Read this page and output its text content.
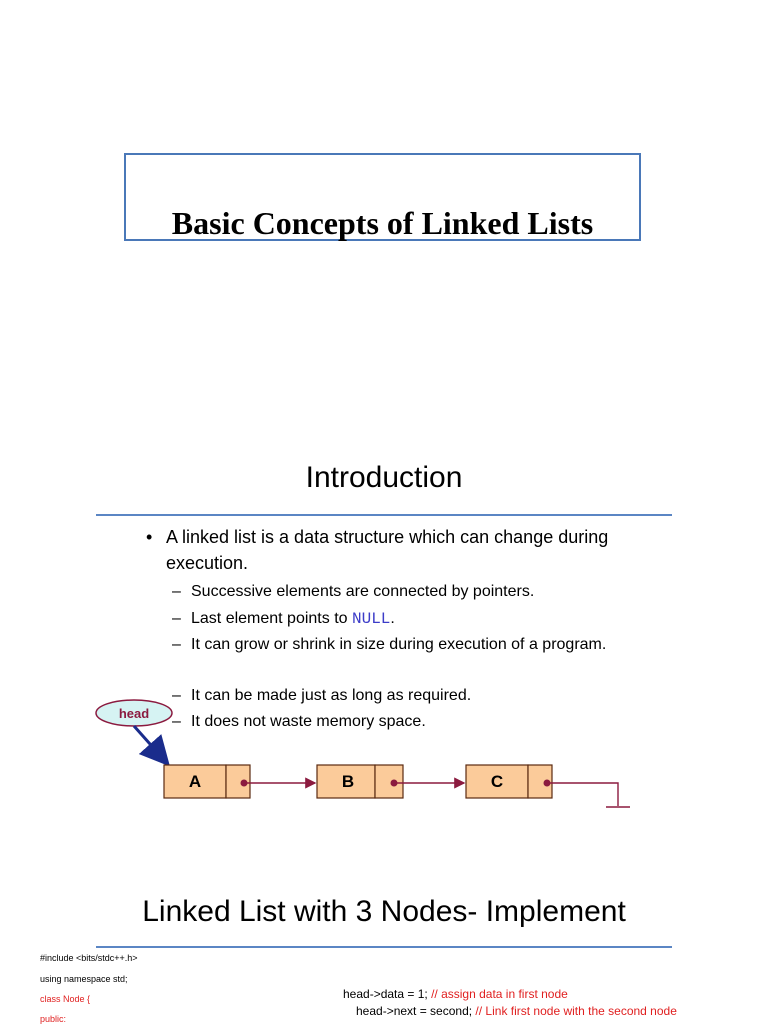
Basic Concepts of Linked Lists
Introduction
• A linked list is a data structure which can change during execution.
– Successive elements are connected by pointers.
– Last element points to NULL.
– It can grow or shrink in size during execution of a program.
– It can be made just as long as required.
– It does not waste memory space.
head
A	B	C
Linked List with 3 Nodes- Implement
#include <bits/stdc++.h>
using namespace std;
class Node {
public:
head->data = 1; // assign data in first node
head->next = second; // Link first node with the second node
